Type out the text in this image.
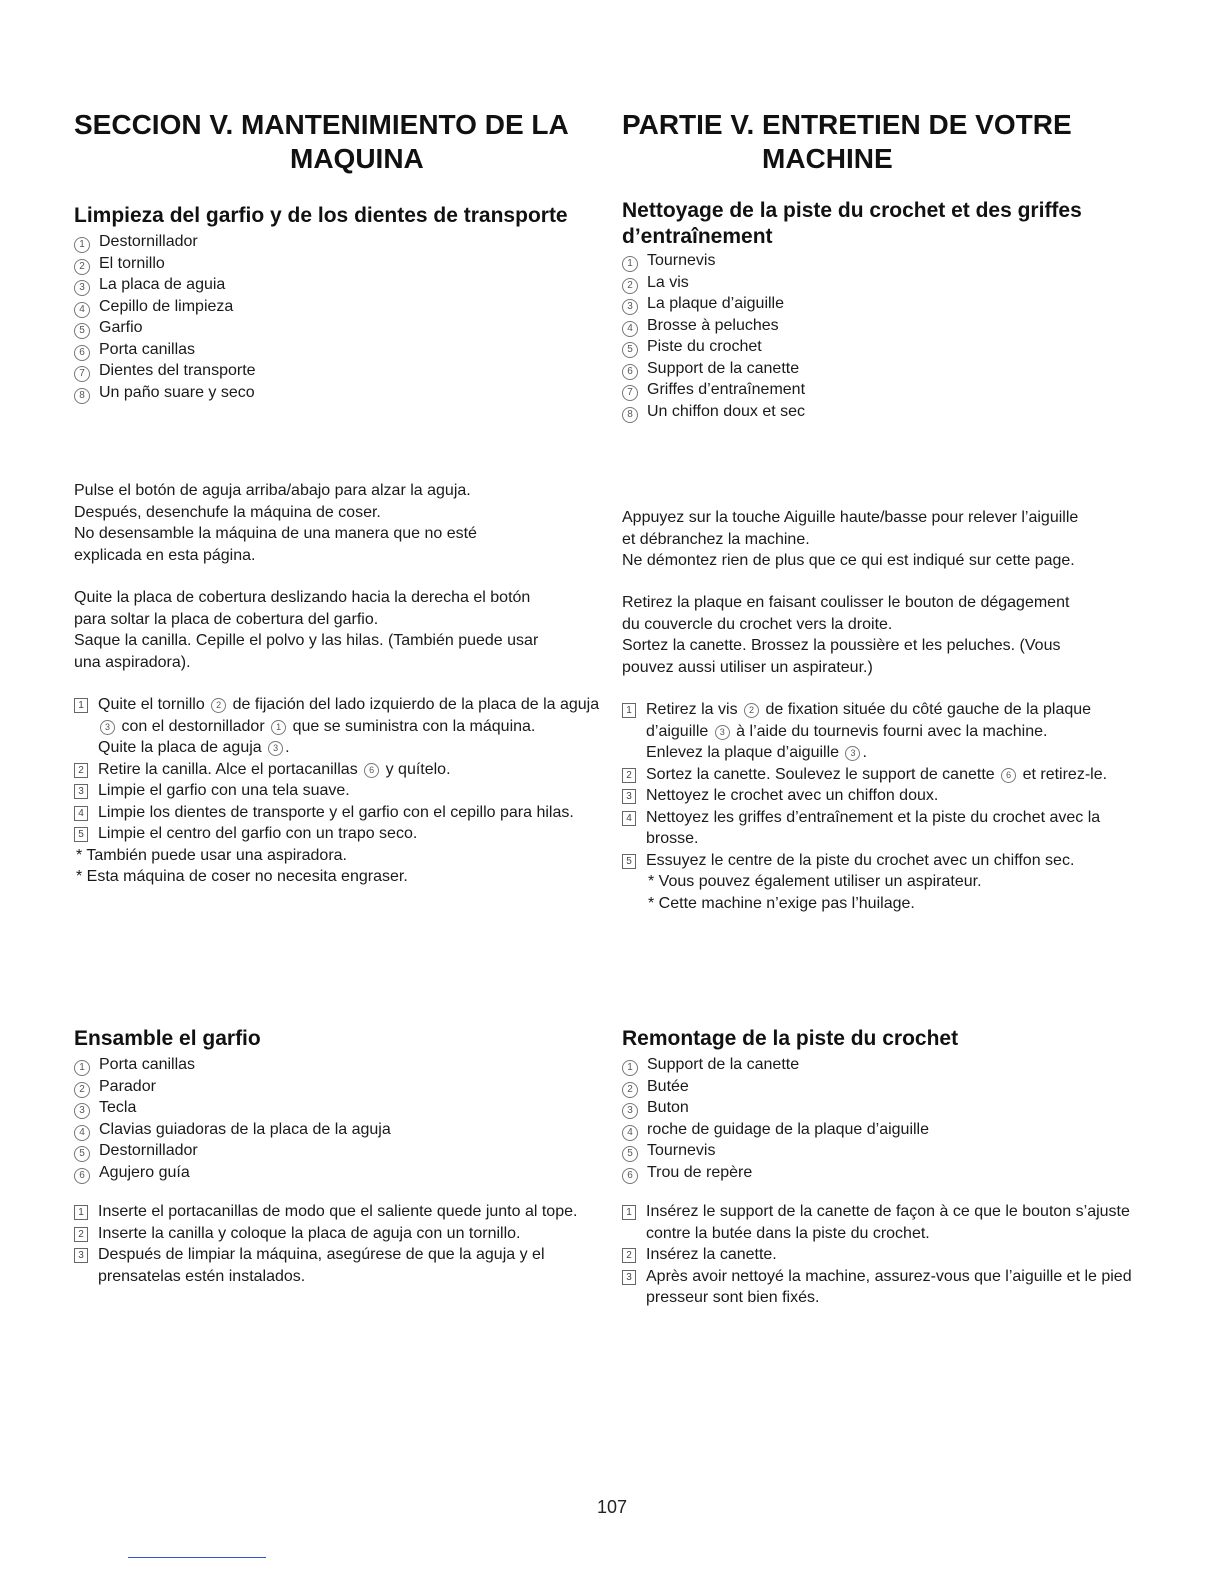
SECCION V. MANTENIMIENTO DE LA
MAQUINA
Limpieza del garfio y de los dientes de transporte
1 Destornillador
2 El tornillo
3 La placa de aguia
4 Cepillo de limpieza
5 Garfio
6 Porta canillas
7 Dientes del transporte
8 Un paño suare y seco

Pulse el botón de aguja arriba/abajo para alzar la aguja.
Después, desenchufe la máquina de coser.
No desensamble la máquina de una manera que no esté
explicada en esta página.

Quite la placa de cobertura deslizando hacia la derecha el botón
para soltar la placa de cobertura del garfio.
Saque la canilla. Cepille el polvo y las hilas. (También puede usar
una aspiradora).

1 Quite el tornillo 2 de fijación del lado izquierdo de la placa de la aguja 3 con el destornillador 1 que se suministra con la máquina.
Quite la placa de aguja 3 .
2 Retire la canilla. Alce el portacanillas 6 y quítelo.
3 Limpie el garfio con una tela suave.
4 Limpie los dientes de transporte y el garfio con el cepillo para hilas.
5 Limpie el centro del garfio con un trapo seco.
* También puede usar una aspiradora.
* Esta máquina de coser no necesita engraser.
Ensamble el garfio
1 Porta canillas
2 Parador
3 Tecla
4 Clavias guiadoras de la placa de la aguja
5 Destornillador
6 Agujero guía
1 Inserte el portacanillas de modo que el saliente quede junto al tope.
2 Inserte la canilla y coloque la placa de aguja con un tornillo.
3 Después de limpiar la máquina, asegúrese de que la aguja y el prensatelas estén instalados.
PARTIE V. ENTRETIEN DE VOTRE
MACHINE
Nettoyage de la piste du crochet et des griffes d’entraînement
1 Tournevis
2 La vis
3 La plaque d’aiguille
4 Brosse à peluches
5 Piste du crochet
6 Support de la canette
7 Griffes d’entraînement
8 Un chiffon doux et sec

Appuyez sur la touche Aiguille haute/basse pour relever l’aiguille
et débranchez la machine.
Ne démontez rien de plus que ce qui est indiqué sur cette page.

Retirez la plaque en faisant coulisser le bouton de dégagement
du couvercle du crochet vers la droite.
Sortez la canette. Brossez la poussière et les peluches. (Vous
pouvez aussi utiliser un aspirateur.)

1 Retirez la vis 2 de fixation située du côté gauche de la plaque d’aiguille 3 à l’aide du tournevis fourni avec la machine.
Enlevez la plaque d’aiguille 3 .
2 Sortez la canette. Soulevez le support de canette 6 et retirez-le.
3 Nettoyez le crochet avec un chiffon doux.
4 Nettoyez les griffes d’entraînement et la piste du crochet avec la brosse.
5 Essuyez le centre de la piste du crochet avec un chiffon sec.
* Vous pouvez également utiliser un aspirateur.
* Cette machine n’exige pas l’huilage.
Remontage de la piste du crochet
1 Support de la canette
2 Butée
3 Buton
4 roche de guidage de la plaque d’aiguille
5 Tournevis
6 Trou de repère
1 Insérez le support de la canette de façon à ce que le bouton s’ajuste contre la butée dans la piste du crochet.
2 Insérez la canette.
3 Après avoir nettoyé la machine, assurez-vous que l’aiguille et le pied presseur sont bien fixés.
107
